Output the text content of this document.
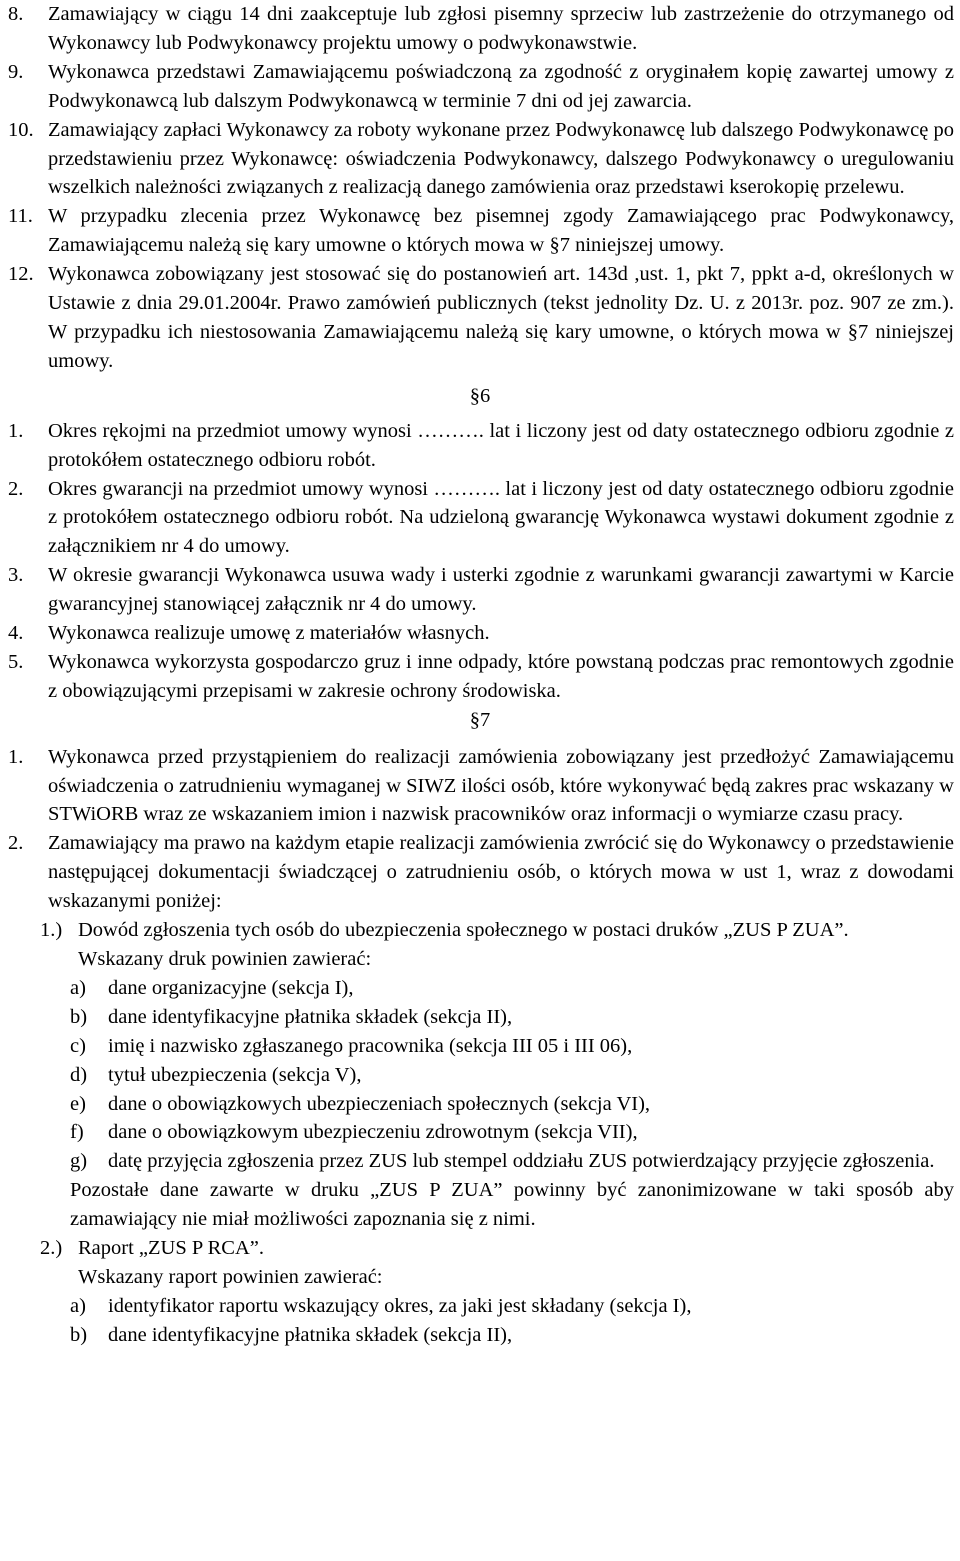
8.	Zamawiający w ciągu 14 dni zaakceptuje lub zgłosi pisemny sprzeciw lub zastrzeżenie do otrzymanego od Wykonawcy lub Podwykonawcy projektu umowy o podwykonawstwie.
9.	Wykonawca przedstawi Zamawiającemu poświadczoną za zgodność z oryginałem kopię zawartej umowy z Podwykonawcą lub dalszym Podwykonawcą w terminie 7 dni od jej zawarcia.
10. Zamawiający zapłaci Wykonawcy za roboty wykonane przez Podwykonawcę lub dalszego Podwykonawcę po przedstawieniu przez Wykonawcę: oświadczenia Podwykonawcy, dalszego Podwykonawcy o uregulowaniu wszelkich należności związanych z realizacją danego zamówienia oraz przedstawi kserokopię przelewu.
11. W przypadku zlecenia przez Wykonawcę bez pisemnej zgody Zamawiającego prac Podwykonawcy, Zamawiającemu należą się kary umowne o których mowa w §7 niniejszej umowy.
12. Wykonawca zobowiązany jest stosować się do postanowień art. 143d ,ust. 1, pkt 7, ppkt a-d, określonych w Ustawie z dnia 29.01.2004r. Prawo zamówień publicznych (tekst jednolity Dz. U. z 2013r. poz. 907 ze zm.). W przypadku ich niestosowania Zamawiającemu należą się kary umowne, o których mowa w §7 niniejszej umowy.
§6
1.	Okres rękojmi na przedmiot umowy wynosi ………. lat i liczony jest od daty ostatecznego odbioru zgodnie z protokółem ostatecznego odbioru robót.
2.	Okres gwarancji na przedmiot umowy wynosi ………. lat i liczony jest od daty ostatecznego odbioru zgodnie z protokółem ostatecznego odbioru robót. Na udzieloną gwarancję Wykonawca wystawi dokument zgodnie z załącznikiem nr 4 do umowy.
3.	W okresie gwarancji Wykonawca usuwa wady i usterki zgodnie z warunkami gwarancji zawartymi w Karcie gwarancyjnej stanowiącej załącznik nr 4 do umowy.
4.	Wykonawca realizuje umowę z materiałów własnych.
5.	Wykonawca wykorzysta gospodarczo gruz i inne odpady, które powstaną podczas prac remontowych zgodnie z obowiązującymi przepisami w zakresie ochrony środowiska.
§7
1.	Wykonawca przed przystąpieniem do realizacji zamówienia zobowiązany jest przedłożyć Zamawiającemu oświadczenia o zatrudnieniu wymaganej w SIWZ ilości osób, które wykonywać będą zakres prac wskazany w STWiORB wraz ze wskazaniem imion i nazwisk pracowników oraz informacji o wymiarze czasu pracy.
2.	Zamawiający ma prawo na każdym etapie realizacji zamówienia zwrócić się do Wykonawcy o przedstawienie następującej dokumentacji świadczącej o zatrudnieniu osób, o których mowa w ust 1, wraz z dowodami wskazanymi poniżej:
1.) Dowód zgłoszenia tych osób do ubezpieczenia społecznego w postaci druków „ZUS P ZUA”.
Wskazany druk powinien zawierać:
a)	dane organizacyjne (sekcja I),
b)	dane identyfikacyjne płatnika składek (sekcja II),
c)	imię i nazwisko zgłaszanego pracownika (sekcja III 05 i III 06),
d)	tytuł ubezpieczenia (sekcja V),
e)	dane o obowiązkowych ubezpieczeniach społecznych (sekcja VI),
f)	dane o obowiązkowym ubezpieczeniu zdrowotnym (sekcja VII),
g)	datę przyjęcia zgłoszenia przez ZUS lub stempel oddziału ZUS potwierdzający przyjęcie zgłoszenia.
Pozostałe dane zawarte w druku „ZUS P ZUA” powinny być zanonimizowane w taki sposób aby zamawiający nie miał możliwości zapoznania się z nimi.
2.) Raport „ZUS P RCA”.
Wskazany raport powinien zawierać:
a)	identyfikator raportu wskazujący okres, za jaki jest składany (sekcja I),
b)	dane identyfikacyjne płatnika składek (sekcja II),
